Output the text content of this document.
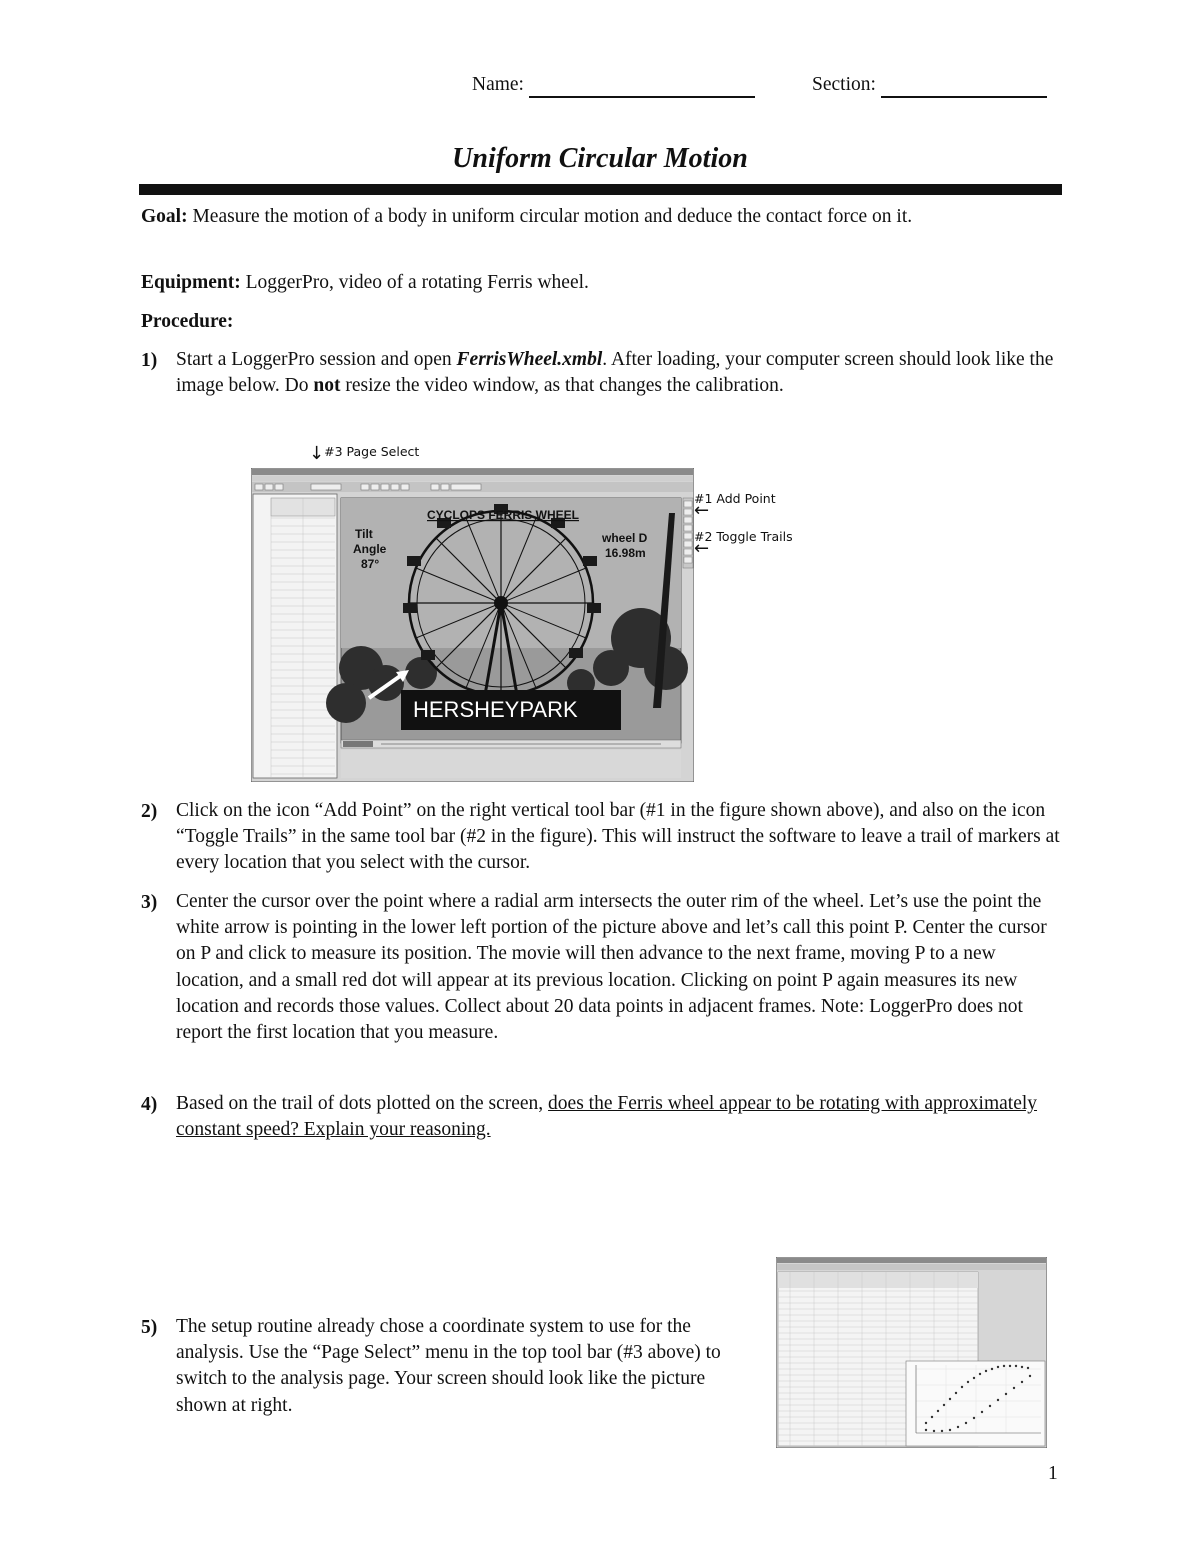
Name:	Section:
Uniform Circular Motion
Goal: Measure the motion of a body in uniform circular motion and deduce the contact force on it.
Equipment: LoggerPro, video of a rotating Ferris wheel.
Procedure:
1) Start a LoggerPro session and open FerrisWheel.xmbl. After loading, your computer screen should look like the image below. Do not resize the video window, as that changes the calibration.
↓#3 Page Select
#1 Add Point
←
#2 Toggle Trails
←
CYCLOPS FERRIS WHEEL
Tilt
Angle
87°
wheel D
16.98m
HERSHEYPARK
2) Click on the icon “Add Point” on the right vertical tool bar (#1 in the figure shown above), and also on the icon “Toggle Trails” in the same tool bar (#2 in the figure). This will instruct the software to leave a trail of markers at every location that you select with the cursor.
3) Center the cursor over the point where a radial arm intersects the outer rim of the wheel. Let’s use the point the white arrow is pointing in the lower left portion of the picture above and let’s call this point P. Center the cursor on P and click to measure its position. The movie will then advance to the next frame, moving P to a new location, and a small red dot will appear at its previous location. Clicking on point P again measures its new location and records those values. Collect about 20 data points in adjacent frames. Note: LoggerPro does not report the first location that you measure.
4) Based on the trail of dots plotted on the screen, does the Ferris wheel appear to be rotating with approximately constant speed? Explain your reasoning.
5) The setup routine already chose a coordinate system to use for the analysis. Use the “Page Select” menu in the top tool bar (#3 above) to switch to the analysis page. Your screen should look like the picture shown at right.
1
